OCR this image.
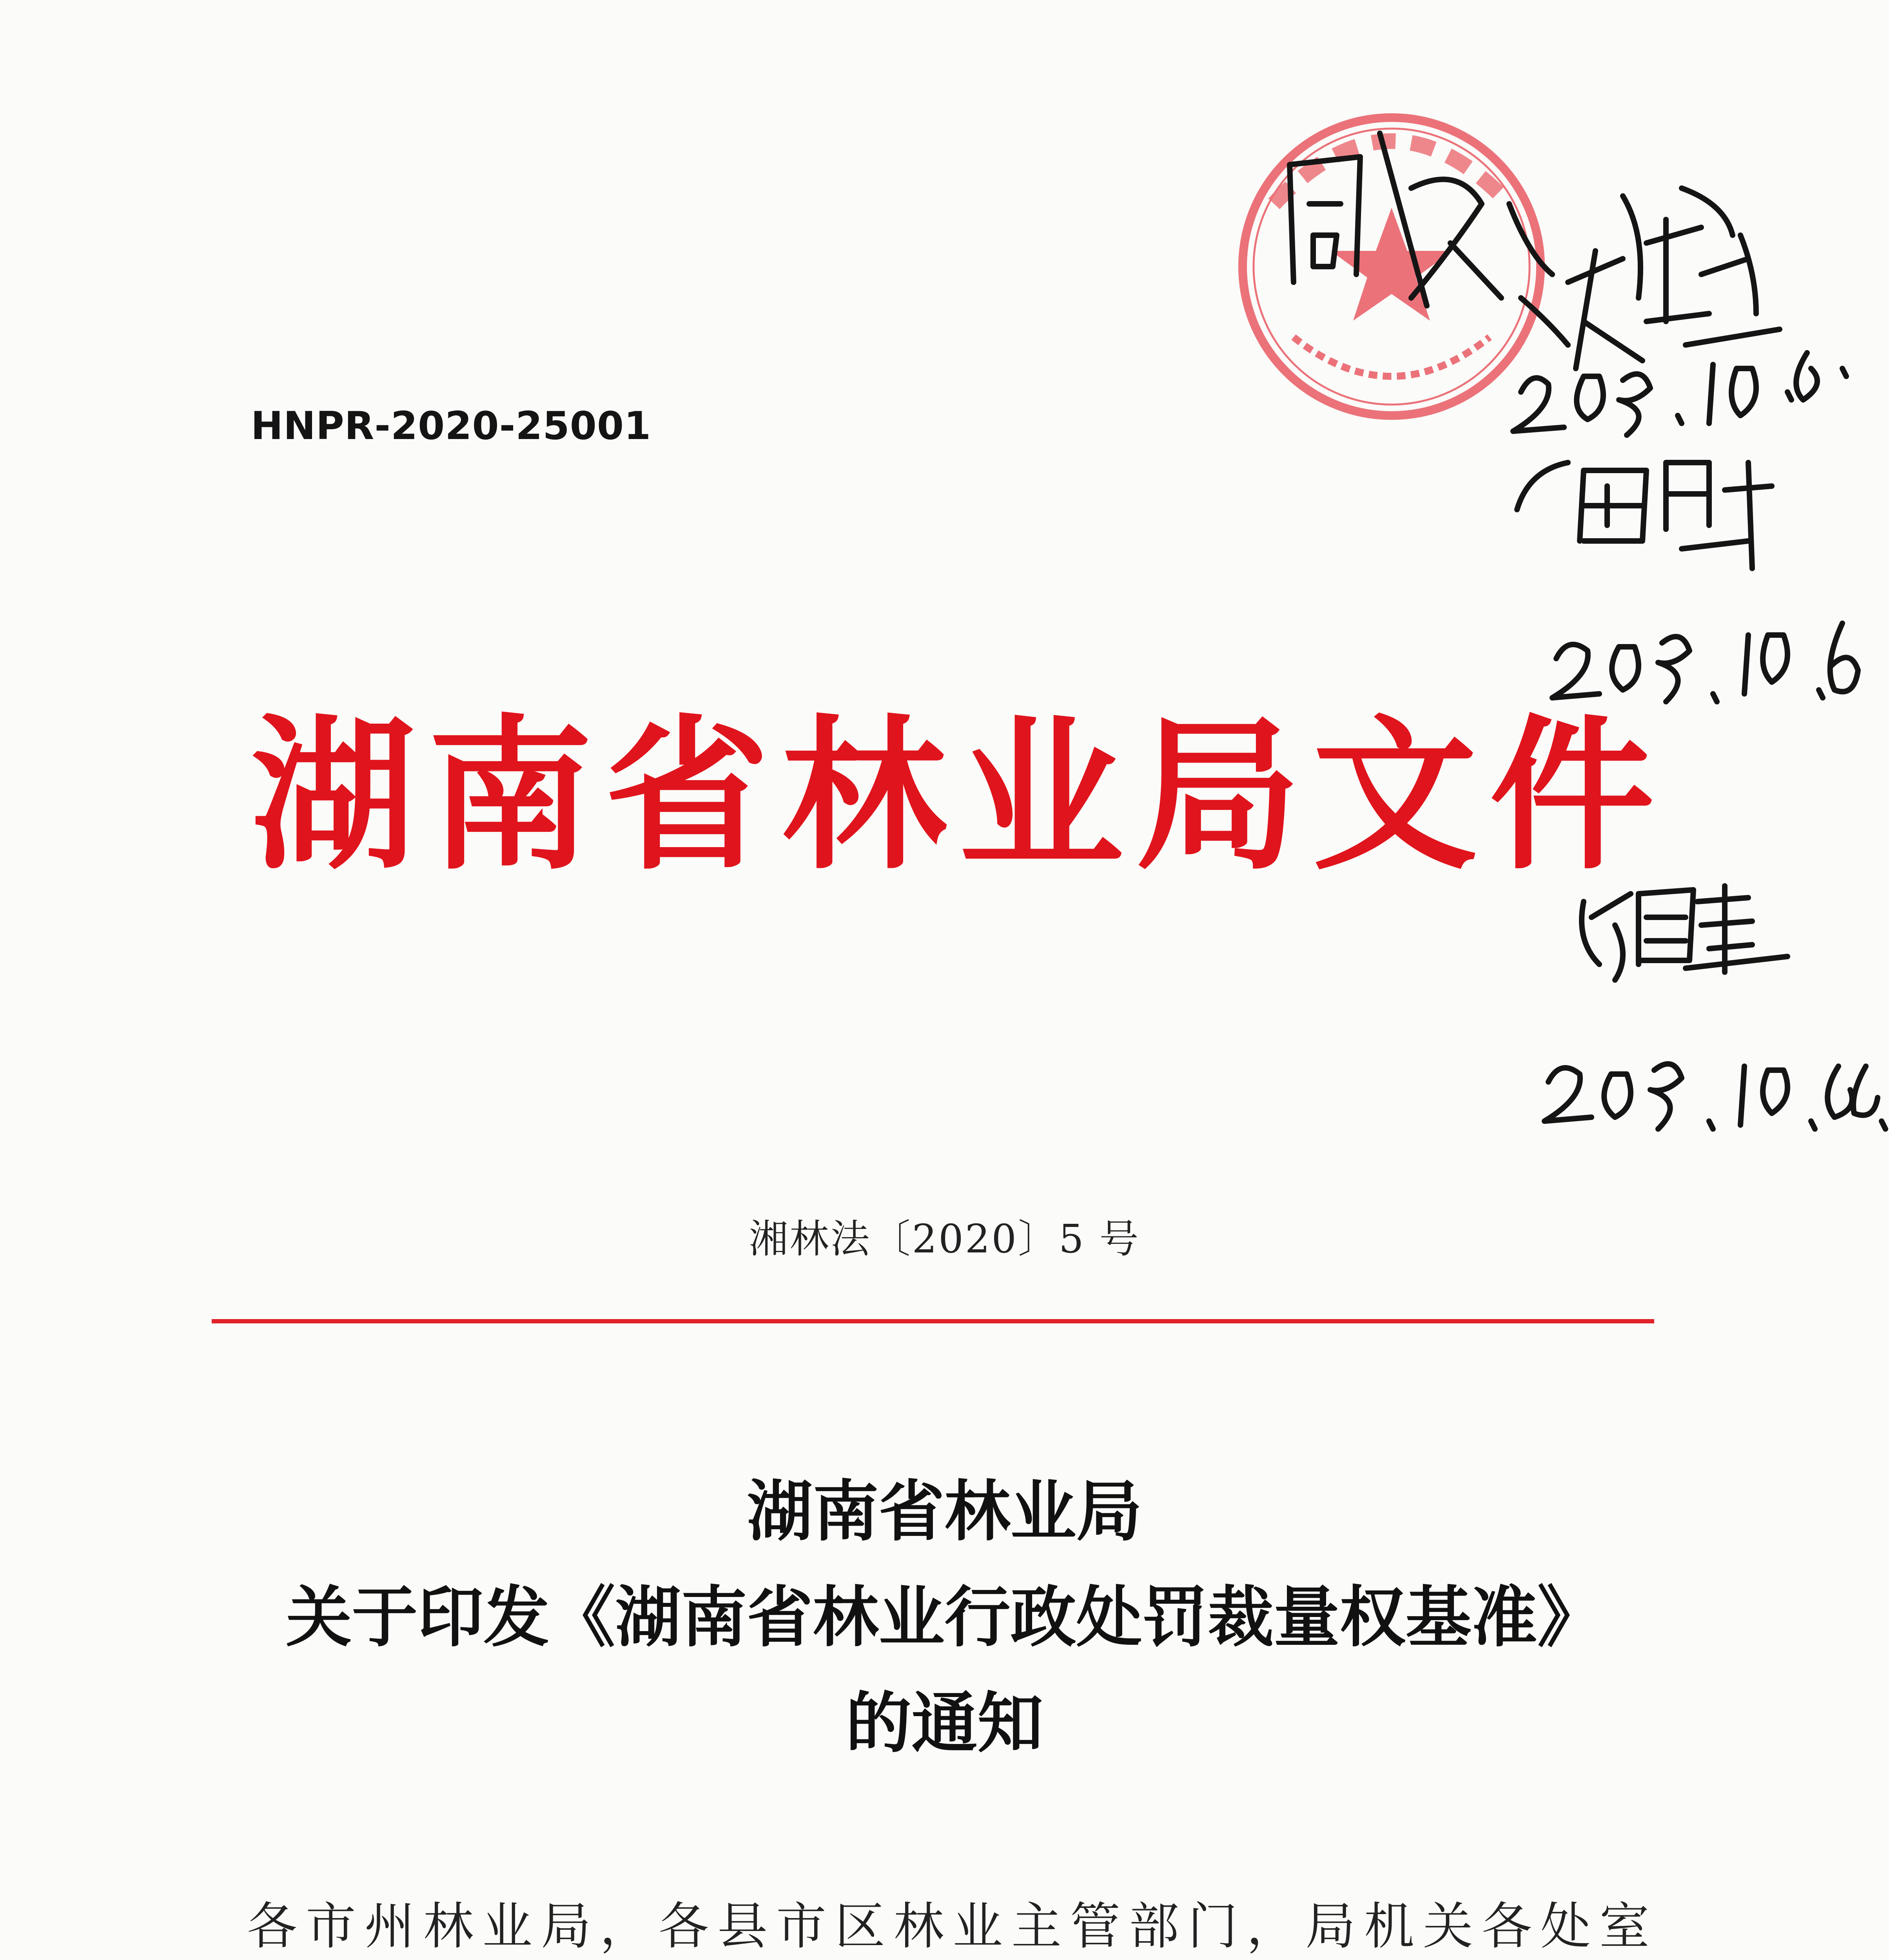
HNPR-2020-25001
湖 南 省 林 业 局 文 件
湘林法〔2020〕5 号
湖南省林业局
关于印发《湖南省林业行政处罚裁量权基准》
的通知

各市州林业局，各县市区林业主管部门，局机关各处室
